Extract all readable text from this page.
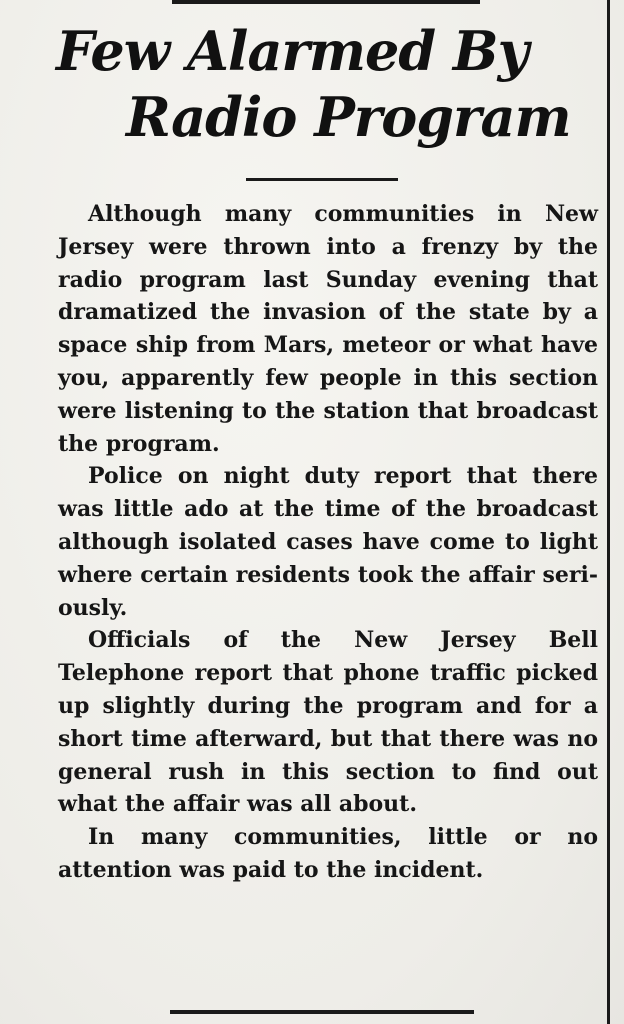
Few Alarmed By
Radio Program

Although many communities in New Jersey were thrown into a frenzy by the radio program last Sunday evening that dramatized the invasion of the state by a space ship from Mars, meteor or what have you, apparently few people in this section were listening to the station that broadcast the program.

Police on night duty report that there was little ado at the time of the broadcast although isolated cases have come to light where certain residents took the affair seriously.

Officials of the New Jersey Bell Telephone report that phone traffic picked up slightly during the program and for a short time afterward, but that there was no general rush in this section to find out what the affair was all about.

In many communities, little or no attention was paid to the incident.
